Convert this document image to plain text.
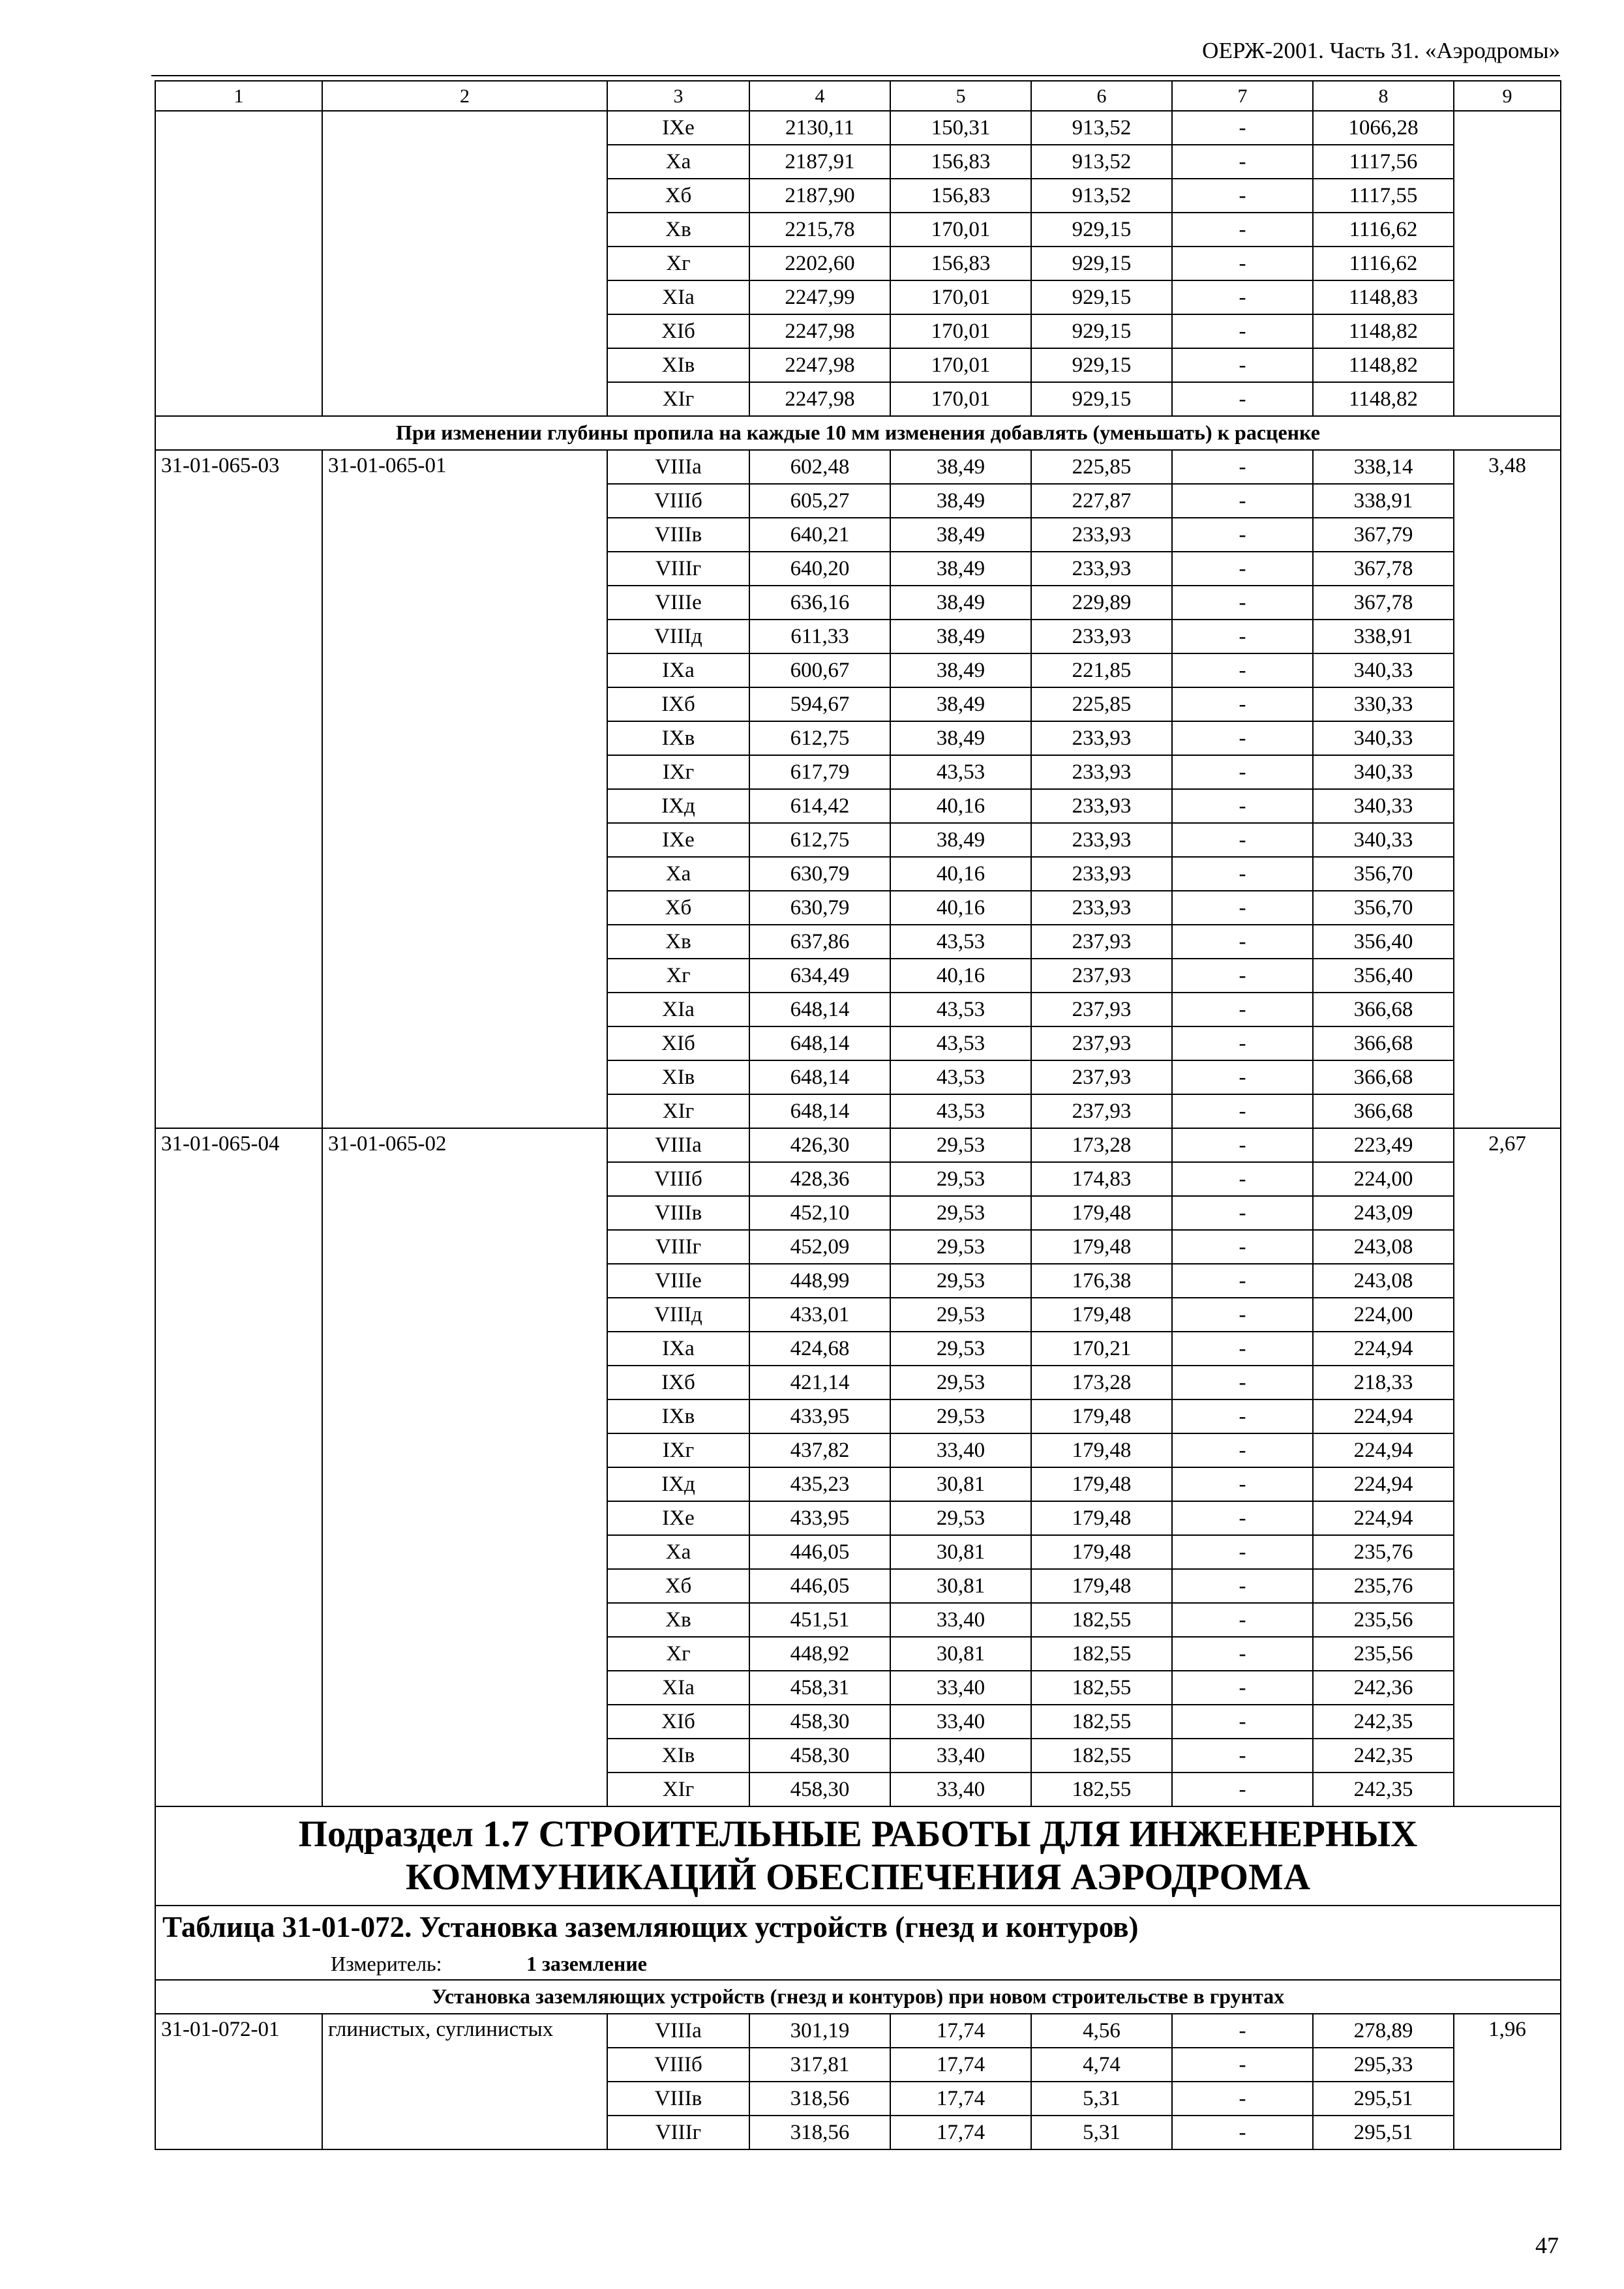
ОЕРЖ-2001. Часть 31. «Аэродромы»
1	2	3	4	5	6	7	8	9
		IXе	2130,11	150,31	913,52	-	1066,28	
		Xа	2187,91	156,83	913,52	-	1117,56	
		Xб	2187,90	156,83	913,52	-	1117,55	
		Xв	2215,78	170,01	929,15	-	1116,62	
		Xг	2202,60	156,83	929,15	-	1116,62	
		XIа	2247,99	170,01	929,15	-	1148,83	
		XIб	2247,98	170,01	929,15	-	1148,82	
		XIв	2247,98	170,01	929,15	-	1148,82	
		XIг	2247,98	170,01	929,15	-	1148,82	
При изменении глубины пропила на каждые 10 мм изменения добавлять (уменьшать) к расценке								
31-01-065-03	31-01-065-01	VIIIа	602,48	38,49	225,85	-	338,14	3,48
		VIIIб	605,27	38,49	227,87	-	338,91	
		VIIIв	640,21	38,49	233,93	-	367,79	
		VIIIг	640,20	38,49	233,93	-	367,78	
		VIIIе	636,16	38,49	229,89	-	367,78	
		VIIIд	611,33	38,49	233,93	-	338,91	
		IXа	600,67	38,49	221,85	-	340,33	
		IXб	594,67	38,49	225,85	-	330,33	
		IXв	612,75	38,49	233,93	-	340,33	
		IXг	617,79	43,53	233,93	-	340,33	
		IXд	614,42	40,16	233,93	-	340,33	
		IXе	612,75	38,49	233,93	-	340,33	
		Xа	630,79	40,16	233,93	-	356,70	
		Xб	630,79	40,16	233,93	-	356,70	
		Xв	637,86	43,53	237,93	-	356,40	
		Xг	634,49	40,16	237,93	-	356,40	
		XIа	648,14	43,53	237,93	-	366,68	
		XIб	648,14	43,53	237,93	-	366,68	
		XIв	648,14	43,53	237,93	-	366,68	
		XIг	648,14	43,53	237,93	-	366,68	
31-01-065-04	31-01-065-02	VIIIа	426,30	29,53	173,28	-	223,49	2,67
		VIIIб	428,36	29,53	174,83	-	224,00	
		VIIIв	452,10	29,53	179,48	-	243,09	
		VIIIг	452,09	29,53	179,48	-	243,08	
		VIIIе	448,99	29,53	176,38	-	243,08	
		VIIIд	433,01	29,53	179,48	-	224,00	
		IXа	424,68	29,53	170,21	-	224,94	
		IXб	421,14	29,53	173,28	-	218,33	
		IXв	433,95	29,53	179,48	-	224,94	
		IXг	437,82	33,40	179,48	-	224,94	
		IXд	435,23	30,81	179,48	-	224,94	
		IXе	433,95	29,53	179,48	-	224,94	
		Xа	446,05	30,81	179,48	-	235,76	
		Xб	446,05	30,81	179,48	-	235,76	
		Xв	451,51	33,40	182,55	-	235,56	
		Xг	448,92	30,81	182,55	-	235,56	
		XIа	458,31	33,40	182,55	-	242,36	
		XIб	458,30	33,40	182,55	-	242,35	
		XIв	458,30	33,40	182,55	-	242,35	
		XIг	458,30	33,40	182,55	-	242,35	
Подраздел 1.7 СТРОИТЕЛЬНЫЕ РАБОТЫ ДЛЯ ИНЖЕНЕРНЫХ КОММУНИКАЦИЙ ОБЕСПЕЧЕНИЯ АЭРОДРОМА								
Таблица 31-01-072. Установка заземляющих устройств (гнезд и контуров)								
Измеритель: 1 заземление								
Установка заземляющих устройств (гнезд и контуров) при новом строительстве в грунтах								
31-01-072-01	глинистых, суглинистых	VIIIа	301,19	17,74	4,56	-	278,89	1,96
		VIIIб	317,81	17,74	4,74	-	295,33	
		VIIIв	318,56	17,74	5,31	-	295,51	
		VIIIг	318,56	17,74	5,31	-	295,51	
47
